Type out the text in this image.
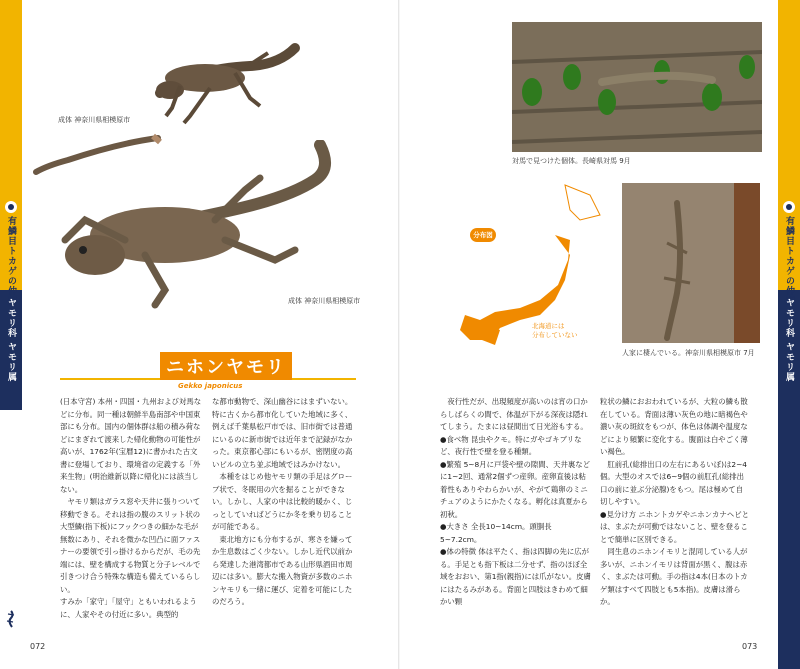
有鱗目トカゲの仲間
ヤモリ科 ヤモリ属
成体 神奈川県相模原市
成体 神奈川県相模原市
ニホンヤモリ
Gekko japonicus

(日本守宮) 本州・四国・九州および対馬などに分布。同一種は朝鮮半島南部や中国東部にも分布。国内の個体群は船の積み荷などにまぎれて渡来した帰化動物の可能性が高いが、1762年(宝暦12)に書かれた古文書に登場しており、環境省の定義する「外来生物」(明治維新以降に帰化)には該当しない。

ヤモリ類はガラス窓や天井に張りついて移動できる。それは指の腹のスリット状の大型鱗(指下板)にフックつきの細かな毛が無数にあり、それを微かな凹凸に面ファスナーの要領で引っ掛けるからだが、毛の先端には、壁を構成する物質と分子レベルで引きつけ合う特殊な構造も備えているらしい。

すみか「家守」「屋守」ともいわれるように、人家やその付近に多い。典型的

な都市動物で、深山幽谷にはまずいない。特に古くから都市化していた地域に多く、例えば千葉県松戸市では、旧市街では普通にいるのに新市街では近年まで記録がなかった。東京都心部にもいるが、密閉度の高いビルの立ち並ぶ地域ではみかけない。

本種をはじめ他ヤモリ類の手足はグローブ状で、冬眠用の穴を掘ることができない。しかし、人家の中は比較的暖かく、じっとしていればどうにか冬を乗り切ることが可能である。

東北地方にも分布するが、寒さを嫌ってか生息数はごく少ない。しかし近代以前から発達した港湾都市である山形県酒田市周辺には多い。膨大な搬入物資が多数のニホンヤモリも一緒に運び、定着を可能にしたのだろう。

072
対馬で見つけた個体。長崎県対馬 9月
分布図
北海道には
分布していない
人家に棲んでいる。神奈川県相模原市 7月

夜行性だが、出現頻度が高いのは宵の口からしばらくの間で、体温が下がる深夜は隠れてしまう。たまには昼間出て日光浴もする。

●食べ物 昆虫やクモ。特にガやゴキブリなど、夜行性で壁を登る種類。

●繁殖 5~8月に戸袋や壁の隙間、天井裏などに1~2回、通常2個ずつ産卵。産卵直後は粘着性もありやわらかいが、やがて鶏卵のミニチュアのようにかたくなる。孵化は真夏から初秋。

●大きさ 全長10~14cm。頭胴長5~7.2cm。

●体の特徴 体は平たく、指は四脚の先に広がる。手足とも指下板は二分せず、指のほぼ全域をおおい、第1指(親指)には爪がない。皮膚にはたるみがある。背面と四肢はきわめて細かい顆

粒状の鱗におおわれているが、大粒の鱗も散在している。背面は薄い灰色の地に暗褐色や濃い灰の斑紋をもつが、体色は体調や温度などにより頻繁に変化する。腹面は白やごく薄い褐色。

肛前孔(総排出口の左右にあるいぼ)は2~4個。大型のオスでは6~9個の前肛孔(総排出口の前に並ぶ分泌腺)をもつ。尾は極めて自切しやすい。

●見分け方 ニホントカゲやニホンカナヘビとは、まぶたが可動ではないこと、壁を登ることで簡単に区別できる。

同生息のニホンイモリと混同している人が多いが、ニホンイモリは背面が黒く、腹は赤く、まぶたは可動。手の指は4本(日本のトカゲ類はすべて四肢とも5本指)。皮膚は滑らか。

073
有鱗目トカゲの仲間
ヤモリ科 ヤモリ属
